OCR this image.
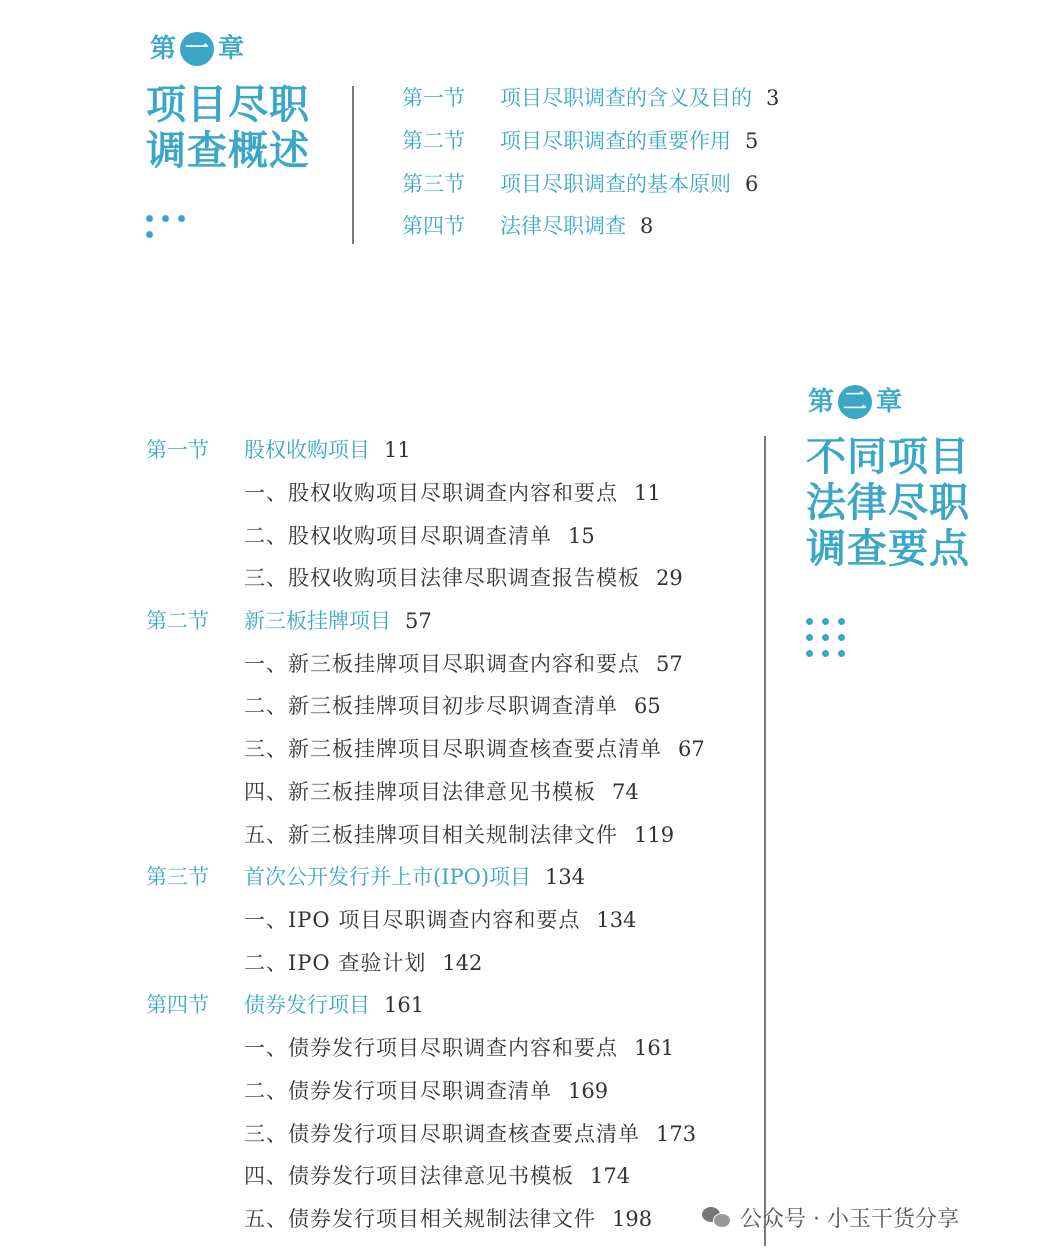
第 一 章
项目尽职
调查概述
第一节 项目尽职调查的含义及目的 3
第二节 项目尽职调查的重要作用 5
第三节 项目尽职调查的基本原则 6
第四节 法律尽职调查 8
第 二 章
不同项目
法律尽职
调查要点
第一节 股权收购项目 11
一、股权收购项目尽职调查内容和要点 11
二、股权收购项目尽职调查清单 15
三、股权收购项目法律尽职调查报告模板 29
第二节 新三板挂牌项目 57
一、新三板挂牌项目尽职调查内容和要点 57
二、新三板挂牌项目初步尽职调查清单 65
三、新三板挂牌项目尽职调查核查要点清单 67
四、新三板挂牌项目法律意见书模板 74
五、新三板挂牌项目相关规制法律文件 119
第三节 首次公开发行并上市(IPO)项目 134
一、IPO 项目尽职调查内容和要点 134
二、IPO 查验计划 142
第四节 债券发行项目 161
一、债券发行项目尽职调查内容和要点 161
二、债券发行项目尽职调查清单 169
三、债券发行项目尽职调查核查要点清单 173
四、债券发行项目法律意见书模板 174
五、债券发行项目相关规制法律文件 198	公众号 · 小玉干货分享
